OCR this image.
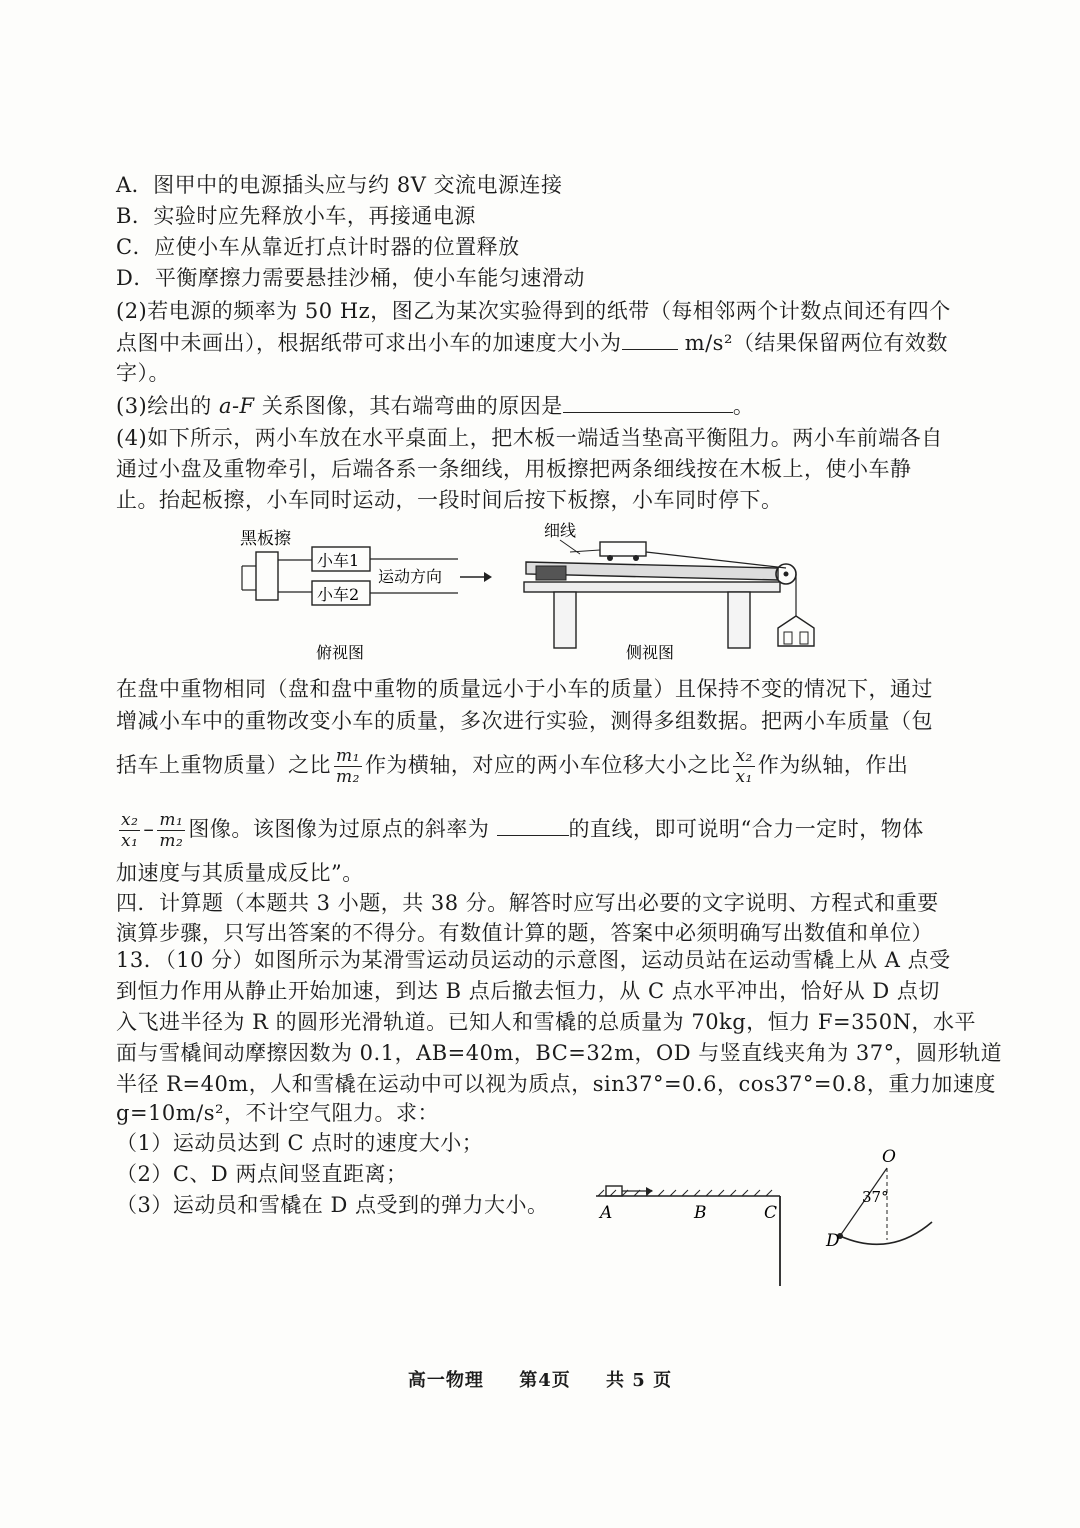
A．图甲中的电源插头应与约 8V 交流电源连接
B．实验时应先释放小车，再接通电源
C．应使小车从靠近打点计时器的位置释放
D．平衡摩擦力需要悬挂沙桶，使小车能匀速滑动
(2)若电源的频率为 50 Hz，图乙为某次实验得到的纸带（每相邻两个计数点间还有四个
点图中未画出），根据纸带可求出小车的加速度大小为	m/s²（结果保留两位有效数
字）。
(3)绘出的 a-F 关系图像，其右端弯曲的原因是	。
(4)如下所示，两小车放在水平桌面上，把木板一端适当垫高平衡阻力。两小车前端各自
通过小盘及重物牵引，后端各系一条细线，用板擦把两条细线按在木板上，使小车静
止。抬起板擦，小车同时运动，一段时间后按下板擦，小车同时停下。
黑板擦
小车1
小车2
运动方向
俯视图
细线
侧视图
在盘中重物相同（盘和盘中重物的质量远小于小车的质量）且保持不变的情况下，通过
增减小车中的重物改变小车的质量，多次进行实验，测得多组数据。把两小车质量（包
括车上重物质量）之比 $\frac{\text{m₁}}{\text{m₂}}$ 作为横轴，对应的两小车位移大小之比 $\frac{\text{x₂}}{\text{x₁}}$ 作为纵轴，作出
$\frac{\text{x₂}}{\text{x₁}} - \frac{\text{m₁}}{\text{m₂}}$ 图像。该图像为过原点的斜率为	的直线，即可说明“合力一定时，物体
加速度与其质量成反比”。
四．计算题（本题共 3 小题，共 38 分。解答时应写出必要的文字说明、方程式和重要
演算步骤，只写出答案的不得分。有数值计算的题，答案中必须明确写出数值和单位）
13．（10 分）如图所示为某滑雪运动员运动的示意图，运动员站在运动雪橇上从 A 点受
到恒力作用从静止开始加速，到达 B 点后撤去恒力，从 C 点水平冲出，恰好从 D 点切
入飞进半径为 R 的圆形光滑轨道。已知人和雪橇的总质量为 70kg，恒力 F=350N，水平
面与雪橇间动摩擦因数为 0.1，AB=40m，BC=32m，OD 与竖直线夹角为 37°，圆形轨道
半径 R=40m，人和雪橇在运动中可以视为质点，sin37°=0.6，cos37°=0.8，重力加速度
g=10m/s²，不计空气阻力。求：
（1）运动员达到 C 点时的速度大小；
（2）C、D 两点间竖直距离；
（3）运动员和雪橇在 D 点受到的弹力大小。	A	B	C
O
37°
D
高一物理 第4页 共 5 页
